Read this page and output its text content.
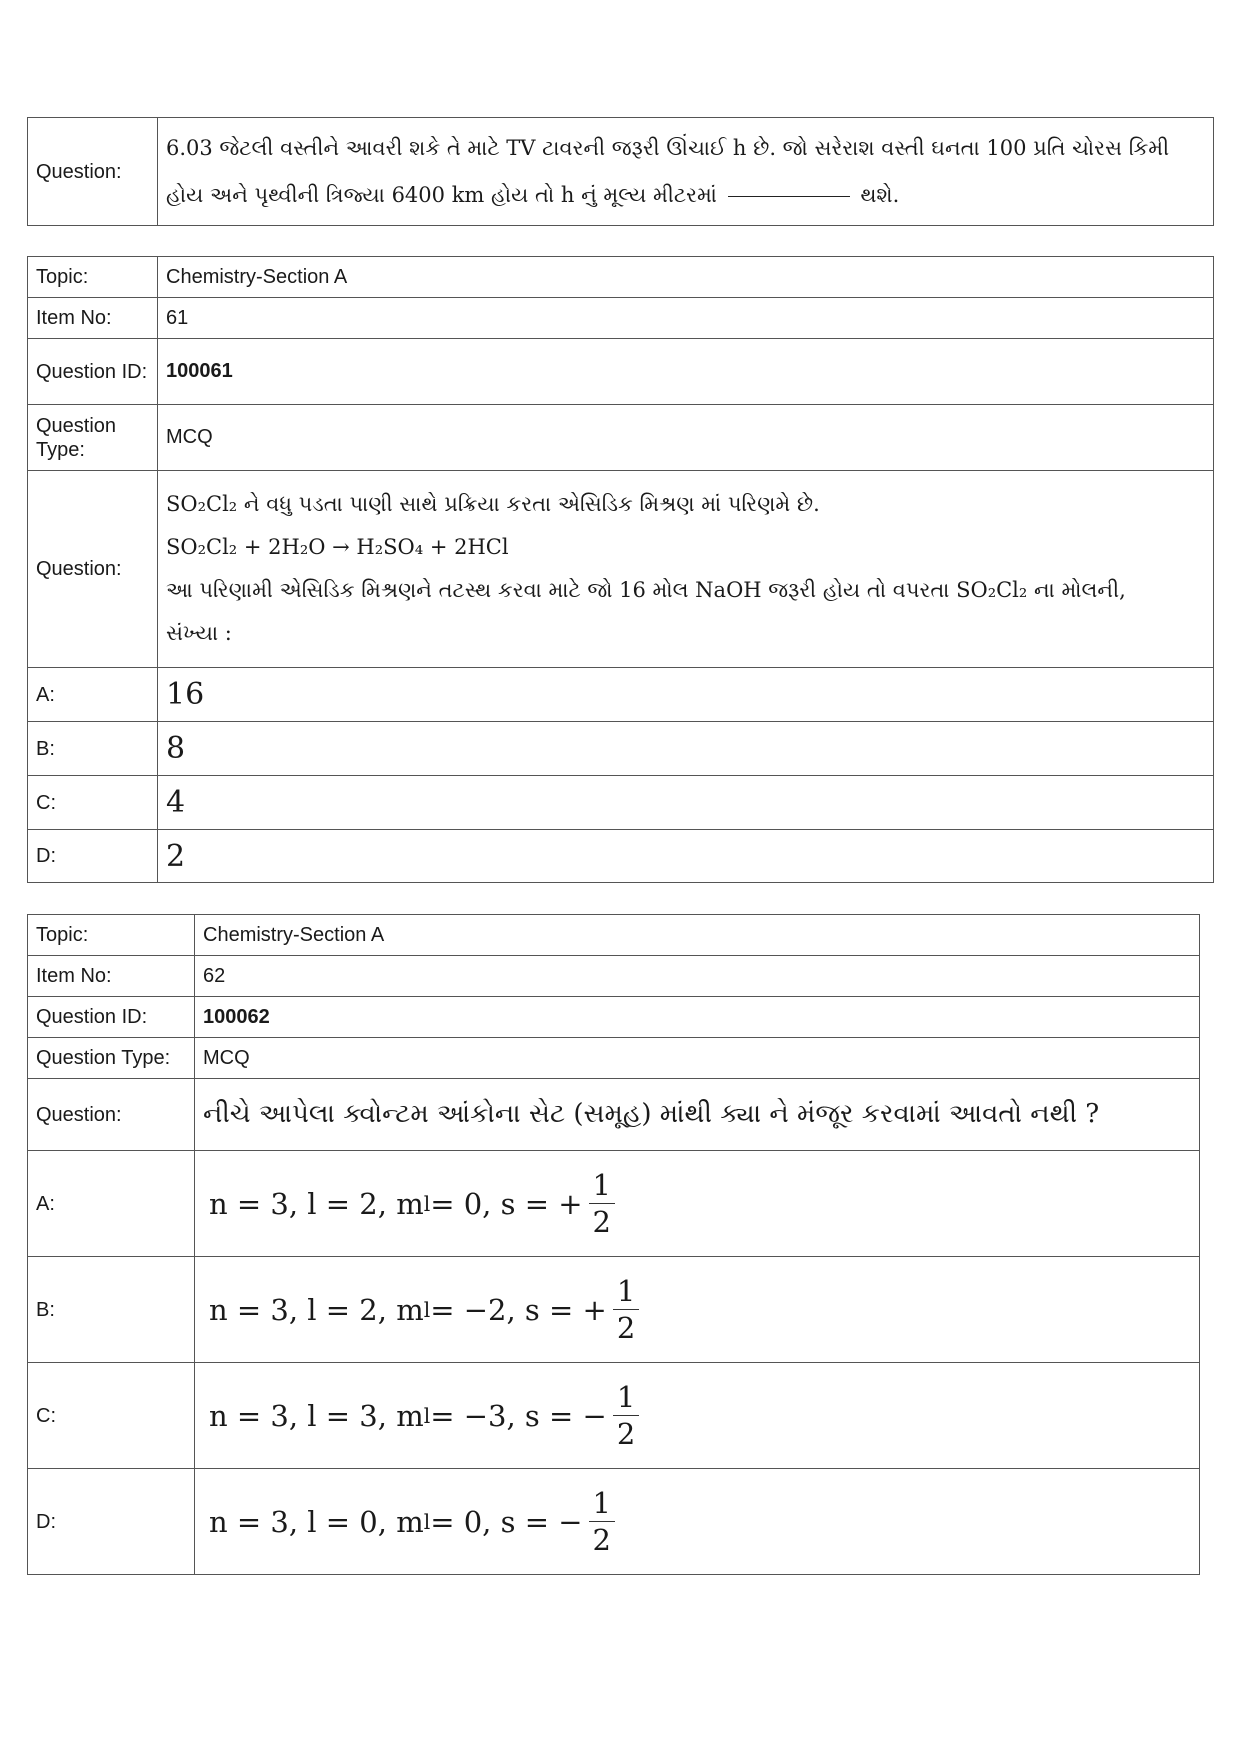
Question:	
6.03 જેટલી વસ્તીને આવરી શકે તે માટે TV ટાવરની જરૂરી ઊંચાઈ h છે. જો સરેરાશ વસ્તી ઘનતા 100 પ્રતિ ચોરસ કિમી
હોય અને પૃથ્વીની ત્રિજ્યા 6400 km હોય તો h નું મૂલ્ય મીટરમાં	થશે.
Topic:	Chemistry-Section A
Item No:	61
Question ID:	100061
Question Type:	MCQ
Question:	SO₂Cl₂ ને વધુ પડતા પાણી સાથે પ્રક્રિયા કરતા એસિડિક મિશ્રણ માં પરિણમે છે.
SO₂Cl₂ + 2H₂O → H₂SO₄ + 2HCl
આ પરિણામી એસિડિક મિશ્રણને તટસ્થ કરવા માટે જો 16 મોલ NaOH જરૂરી હોય તો વપરતા SO₂Cl₂ ના મોલની,
સંખ્યા :

A:	16
B:	8
C:	4
D:	2
Topic:	Chemistry-Section A
Item No:	62
Question ID:	100062
Question Type:	MCQ
Question:	નીચે આપેલા ક્વોન્ટમ આંકોના સેટ (સમૂહ) માંથી ક્યા ને મંજૂર કરવામાં આવતો નથી ?
A:	n = 3, l = 2, m l = 0, s = + $\frac{1}{2}$

B:	n = 3, l = 2, m l = −2, s = + $\frac{1}{2}$

C:	n = 3, l = 3, m l = −3, s = − $\frac{1}{2}$

D:	n = 3, l = 0, m l = 0, s = − $\frac{1}{2}$
